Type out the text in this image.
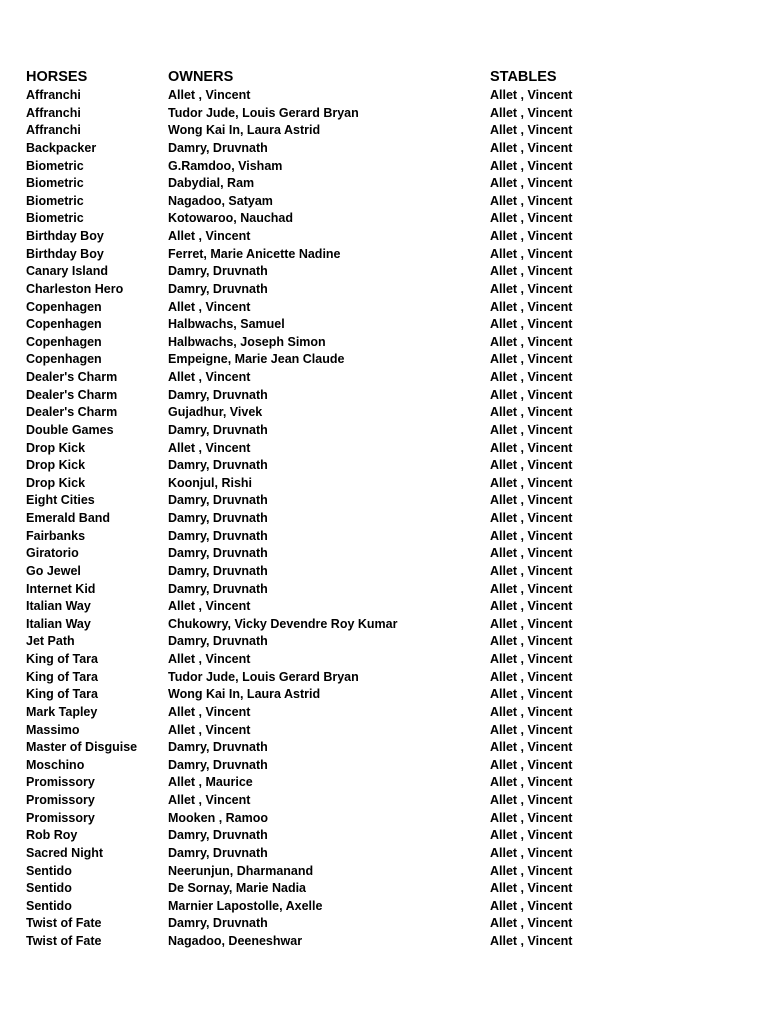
HORSES	OWNERS	STABLES
Affranchi	Allet , Vincent	Allet , Vincent
Affranchi	Tudor Jude, Louis Gerard Bryan	Allet , Vincent
Affranchi	Wong Kai In, Laura Astrid	Allet , Vincent
Backpacker	Damry, Druvnath	Allet , Vincent
Biometric	G.Ramdoo, Visham	Allet , Vincent
Biometric	Dabydial, Ram	Allet , Vincent
Biometric	Nagadoo, Satyam	Allet , Vincent
Biometric	Kotowaroo, Nauchad	Allet , Vincent
Birthday Boy	Allet , Vincent	Allet , Vincent
Birthday Boy	Ferret, Marie Anicette Nadine	Allet , Vincent
Canary Island	Damry, Druvnath	Allet , Vincent
Charleston Hero	Damry, Druvnath	Allet , Vincent
Copenhagen	Allet , Vincent	Allet , Vincent
Copenhagen	Halbwachs, Samuel	Allet , Vincent
Copenhagen	Halbwachs, Joseph Simon	Allet , Vincent
Copenhagen	Empeigne, Marie Jean Claude	Allet , Vincent
Dealer's Charm	Allet , Vincent	Allet , Vincent
Dealer's Charm	Damry, Druvnath	Allet , Vincent
Dealer's Charm	Gujadhur, Vivek	Allet , Vincent
Double Games	Damry, Druvnath	Allet , Vincent
Drop Kick	Allet , Vincent	Allet , Vincent
Drop Kick	Damry, Druvnath	Allet , Vincent
Drop Kick	Koonjul, Rishi	Allet , Vincent
Eight Cities	Damry, Druvnath	Allet , Vincent
Emerald Band	Damry, Druvnath	Allet , Vincent
Fairbanks	Damry, Druvnath	Allet , Vincent
Giratorio	Damry, Druvnath	Allet , Vincent
Go Jewel	Damry, Druvnath	Allet , Vincent
Internet Kid	Damry, Druvnath	Allet , Vincent
Italian Way	Allet , Vincent	Allet , Vincent
Italian Way	Chukowry, Vicky Devendre Roy Kumar	Allet , Vincent
Jet Path	Damry, Druvnath	Allet , Vincent
King of Tara	Allet , Vincent	Allet , Vincent
King of Tara	Tudor Jude, Louis Gerard Bryan	Allet , Vincent
King of Tara	Wong Kai In, Laura Astrid	Allet , Vincent
Mark Tapley	Allet , Vincent	Allet , Vincent
Massimo	Allet , Vincent	Allet , Vincent
Master of Disguise	Damry, Druvnath	Allet , Vincent
Moschino	Damry, Druvnath	Allet , Vincent
Promissory	Allet , Maurice	Allet , Vincent
Promissory	Allet , Vincent	Allet , Vincent
Promissory	Mooken , Ramoo	Allet , Vincent
Rob Roy	Damry, Druvnath	Allet , Vincent
Sacred Night	Damry, Druvnath	Allet , Vincent
Sentido	Neerunjun, Dharmanand	Allet , Vincent
Sentido	De Sornay, Marie Nadia	Allet , Vincent
Sentido	Marnier Lapostolle, Axelle	Allet , Vincent
Twist of Fate	Damry, Druvnath	Allet , Vincent
Twist of Fate	Nagadoo, Deeneshwar	Allet , Vincent
